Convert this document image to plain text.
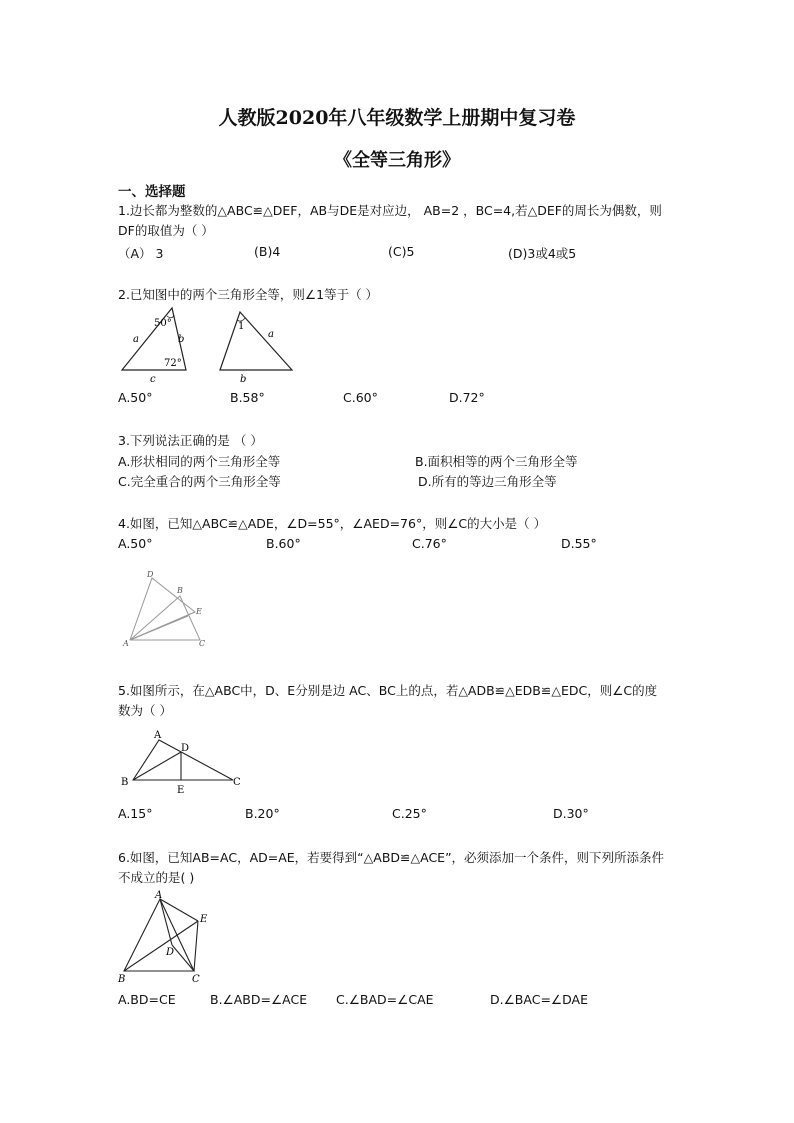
人教版2020年八年级数学上册期中复习卷
《全等三角形》
一、选择题
1.边长都为整数的△ABC≌△DEF，AB与DE是对应边， AB=2 ，BC=4,若△DEF的周长为偶数，则
DF的取值为（ ）
（A） 3	(B)4	(C)5	(D)3或4或5
2.已知图中的两个三角形全等，则∠1等于（ ）
50°
72°
a	b
c
1
a
b
A.50°	B.58°	C.60°	D.72°
3.下列说法正确的是 （ ）
A.形状相同的两个三角形全等	B.面积相等的两个三角形全等
C.完全重合的两个三角形全等	D.所有的等边三角形全等
4.如图，已知△ABC≌△ADE，∠D=55°，∠AED=76°，则∠C的大小是（ ）
A.50°	B.60°	C.76°	D.55°
D
B
E
A	C
5.如图所示，在△ABC中，D、E分别是边 AC、BC上的点，若△ADB≌△EDB≌△EDC，则∠C的度
数为（ ）
A
D
B
E
C
A.15°	B.20°	C.25°	D.30°
6.如图，已知AB=AC，AD=AE，若要得到“△ABD≌△ACE”，必须添加一个条件，则下列所添条件
不成立的是( )
A
E
D
B	C
A.BD=CE	B.∠ABD=∠ACE C.∠BAD=∠CAE	D.∠BAC=∠DAE
